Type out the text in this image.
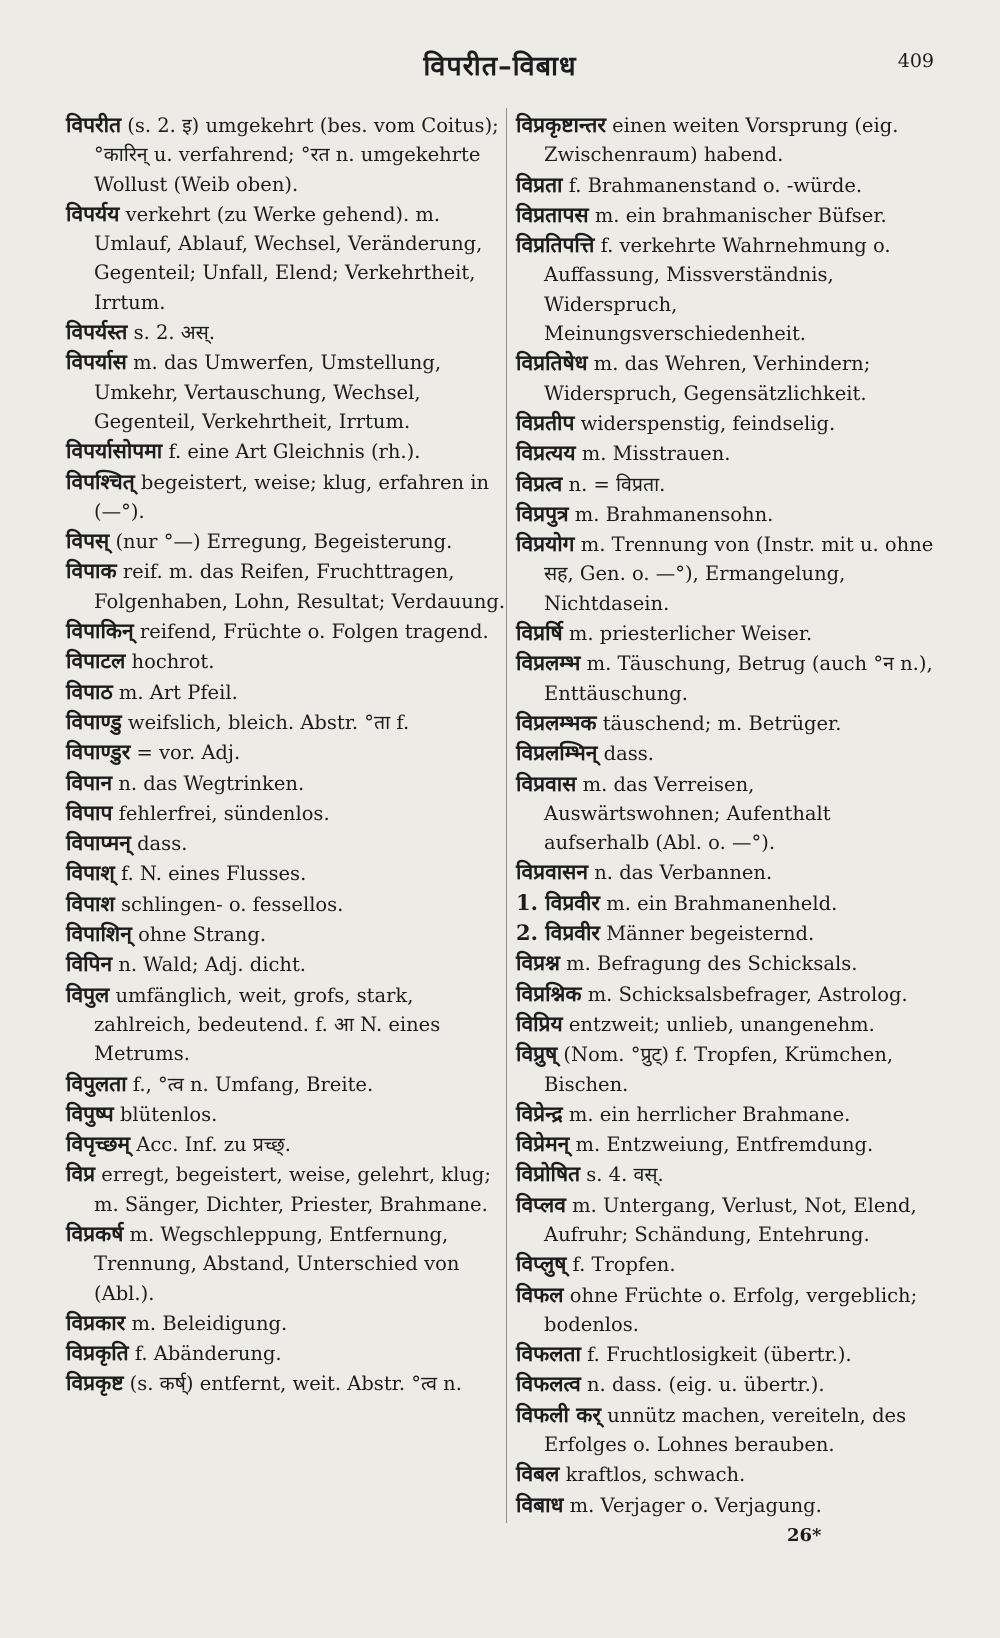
विपरीत–विबाध	409

विपरीत (s. 2. इ) umgekehrt (bes. vom Coitus); °कारिन् u. verfahrend; °रत n. umgekehrte Wollust (Weib oben).

विपर्यय verkehrt (zu Werke gehend). m. Umlauf, Ablauf, Wechsel, Veränderung, Gegenteil; Unfall, Elend; Verkehrtheit, Irrtum.

विपर्यस्त s. 2. अस्.

विपर्यास m. das Umwerfen, Umstellung, Umkehr, Vertauschung, Wechsel, Gegenteil, Verkehrtheit, Irrtum.

विपर्यासोपमा f. eine Art Gleichnis (rh.).

विपश्चित् begeistert, weise; klug, erfahren in (—°).

विपस् (nur °—) Erregung, Begeisterung.

विपाक reif. m. das Reifen, Fruchttragen, Folgenhaben, Lohn, Resultat; Verdauung.

विपाकिन् reifend, Früchte o. Folgen tragend.

विपाटल hochrot.

विपाठ m. Art Pfeil.

विपाण्डु weifslich, bleich. Abstr. °ता f.

विपाण्डुर = vor. Adj.

विपान n. das Wegtrinken.

विपाप fehlerfrei, sündenlos.

विपाप्मन् dass.

विपाश् f. N. eines Flusses.

विपाश schlingen- o. fessellos.

विपाशिन् ohne Strang.

विपिन n. Wald; Adj. dicht.

विपुल umfänglich, weit, grofs, stark, zahlreich, bedeutend. f. आ N. eines Metrums.

विपुलता f., °त्व n. Umfang, Breite.

विपुष्प blütenlos.

विपृच्छम् Acc. Inf. zu प्रच्छ्.

विप्र erregt, begeistert, weise, gelehrt, klug; m. Sänger, Dichter, Priester, Brahmane.

विप्रकर्ष m. Wegschleppung, Entfernung, Trennung, Abstand, Unterschied von (Abl.).

विप्रकार m. Beleidigung.

विप्रकृति f. Abänderung.

विप्रकृष्ट (s. कर्ष्) entfernt, weit. Abstr. °त्व n.

विप्रकृष्टान्तर einen weiten Vorsprung (eig. Zwischenraum) habend.

विप्रता f. Brahmanenstand o. -würde.

विप्रतापस m. ein brahmanischer Büfser.

विप्रतिपत्ति f. verkehrte Wahrnehmung o. Auffassung, Missverständnis, Widerspruch, Meinungsverschiedenheit.

विप्रतिषेध m. das Wehren, Verhindern; Widerspruch, Gegensätzlichkeit.

विप्रतीप widerspenstig, feindselig.

विप्रत्यय m. Misstrauen.

विप्रत्व n. = विप्रता.

विप्रपुत्र m. Brahmanensohn.

विप्रयोग m. Trennung von (Instr. mit u. ohne सह, Gen. o. —°), Ermangelung, Nichtdasein.

विप्रर्षि m. priesterlicher Weiser.

विप्रलम्भ m. Täuschung, Betrug (auch °न n.), Enttäuschung.

विप्रलम्भक täuschend; m. Betrüger.

विप्रलम्भिन् dass.

विप्रवास m. das Verreisen, Auswärtswohnen; Aufenthalt aufserhalb (Abl. o. —°).

विप्रवासन n. das Verbannen.

1. विप्रवीर m. ein Brahmanenheld.

2. विप्रवीर Männer begeisternd.

विप्रश्न m. Befragung des Schicksals.

विप्रश्निक m. Schicksalsbefrager, Astrolog.

विप्रिय entzweit; unlieb, unangenehm.

विप्रुष् (Nom. °प्रुट्) f. Tropfen, Krümchen, Bischen.

विप्रेन्द्र m. ein herrlicher Brahmane.

विप्रेमन् m. Entzweiung, Entfremdung.

विप्रोषित s. 4. वस्.

विप्लव m. Untergang, Verlust, Not, Elend, Aufruhr; Schändung, Entehrung.

विप्लुष् f. Tropfen.

विफल ohne Früchte o. Erfolg, vergeblich; bodenlos.

विफलता f. Fruchtlosigkeit (übertr.).

विफलत्व n. dass. (eig. u. übertr.).

विफली कर् unnütz machen, vereiteln, des Erfolges o. Lohnes berauben.

विबल kraftlos, schwach.

विबाध m. Verjager o. Verjagung.

26*
